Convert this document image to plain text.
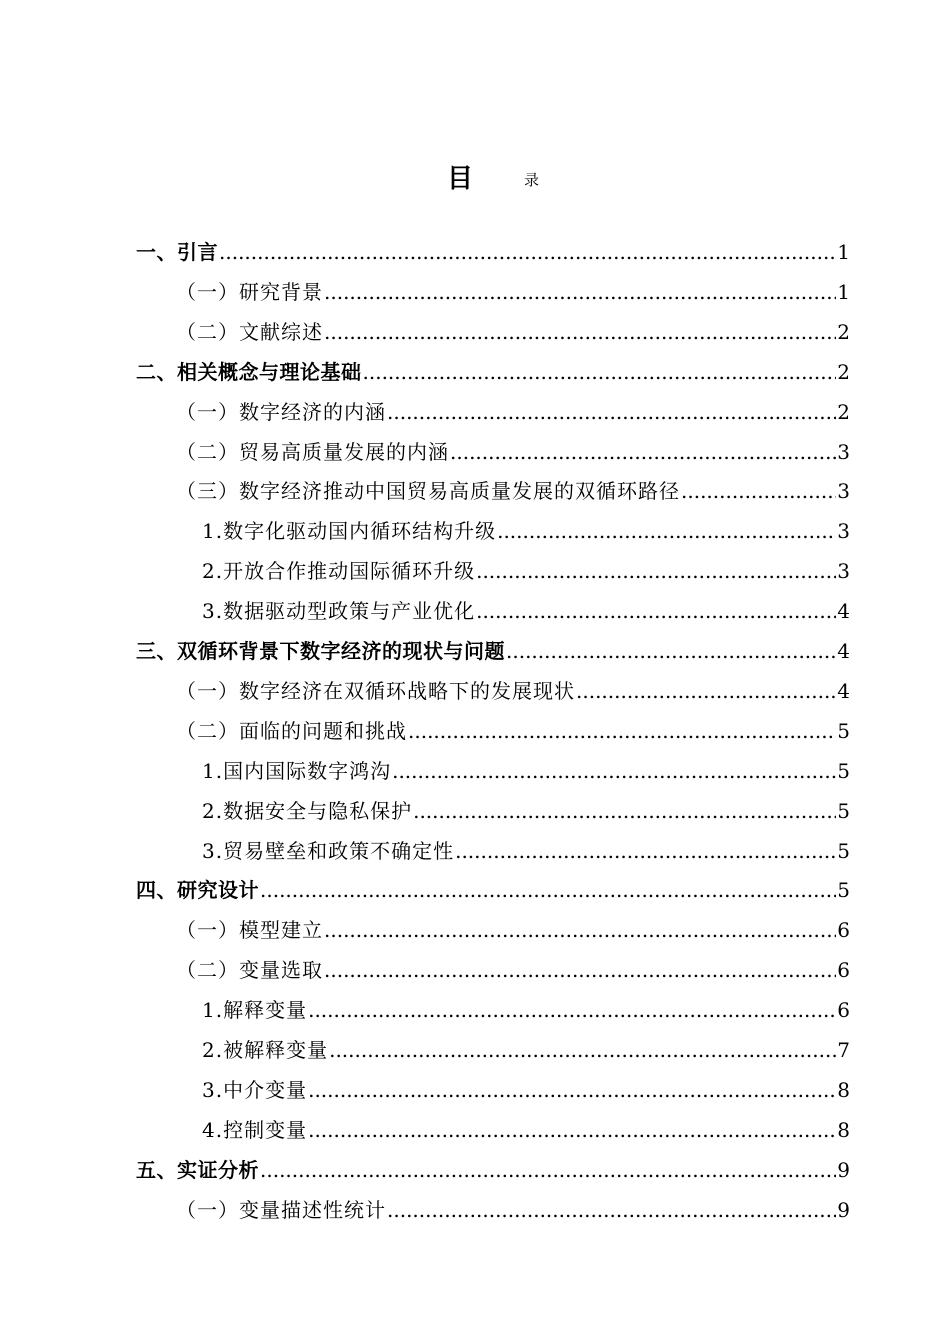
目	录
一、引言 .....	1
（一）研究背景 .....	1
（二）文献综述 .....	2
二、相关概念与理论基础 .....	2
（一）数字经济的内涵 .....	2
（二）贸易高质量发展的内涵 .....	3
（三）数字经济推动中国贸易高质量发展的双循环路径 .....	3
1.数字化驱动国内循环结构升级 .....	3
2.开放合作推动国际循环升级 .....	3
3.数据驱动型政策与产业优化 .....	4
三、双循环背景下数字经济的现状与问题 .....	4
（一）数字经济在双循环战略下的发展现状 .....	4
（二）面临的问题和挑战 .....	5
1.国内国际数字鸿沟 .....	5
2.数据安全与隐私保护 .....	5
3.贸易壁垒和政策不确定性 .....	5
四、研究设计 .....	5
（一）模型建立 .....	6
（二）变量选取 .....	6
1.解释变量 .....	6
2.被解释变量 .....	7
3.中介变量 .....	8
4.控制变量 .....	8
五、实证分析 .....	9
（一）变量描述性统计 .....	9
